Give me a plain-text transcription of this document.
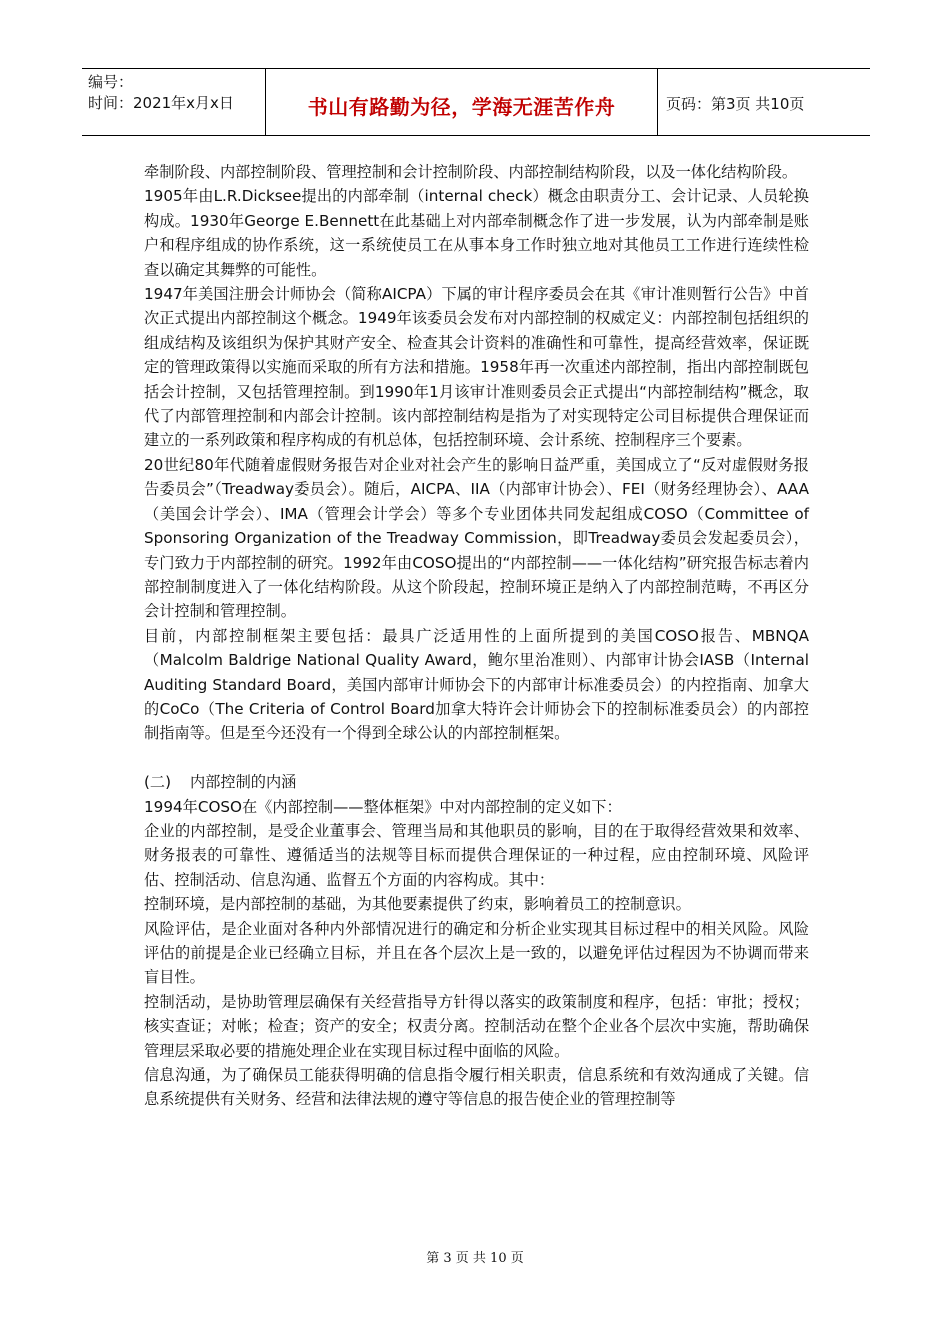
编号：
时间：2021年x月x日	书山有路勤为径，学海无涯苦作舟	页码：第3页 共10页

牵制阶段、内部控制阶段、管理控制和会计控制阶段、内部控制结构阶段，以及一体化结构阶段。

1905年由L.R.Dicksee提出的内部牵制（internal check）概念由职责分工、会计记录、人员轮换构成。1930年George E.Bennett在此基础上对内部牵制概念作了进一步发展，认为内部牵制是账户和程序组成的协作系统，这一系统使员工在从事本身工作时独立地对其他员工工作进行连续性检查以确定其舞弊的可能性。

1947年美国注册会计师协会（简称AICPA）下属的审计程序委员会在其《审计准则暂行公告》中首次正式提出内部控制这个概念。1949年该委员会发布对内部控制的权威定义：内部控制包括组织的组成结构及该组织为保护其财产安全、检查其会计资料的准确性和可靠性，提高经营效率，保证既定的管理政策得以实施而采取的所有方法和措施。1958年再一次重述内部控制，指出内部控制既包括会计控制，又包括管理控制。到1990年1月该审计准则委员会正式提出“内部控制结构”概念，取代了内部管理控制和内部会计控制。该内部控制结构是指为了对实现特定公司目标提供合理保证而建立的一系列政策和程序构成的有机总体，包括控制环境、会计系统、控制程序三个要素。

20世纪80年代随着虚假财务报告对企业对社会产生的影响日益严重，美国成立了“反对虚假财务报告委员会”（Treadway委员会）。随后，AICPA、IIA（内部审计协会）、FEI（财务经理协会）、AAA（美国会计学会）、IMA（管理会计学会）等多个专业团体共同发起组成COSO（Committee of Sponsoring Organization of the Treadway Commission，即Treadway委员会发起委员会），专门致力于内部控制的研究。1992年由COSO提出的“内部控制——一体化结构”研究报告标志着内部控制制度进入了一体化结构阶段。从这个阶段起，控制环境正是纳入了内部控制范畴，不再区分会计控制和管理控制。

目前，内部控制框架主要包括：最具广泛适用性的上面所提到的美国COSO报告、MBNQA（Malcolm Baldrige National Quality Award，鲍尔里治准则）、内部审计协会IASB（Internal Auditing Standard Board，美国内部审计师协会下的内部审计标准委员会）的内控指南、加拿大的CoCo（The Criteria of Control Board加拿大特许会计师协会下的控制标准委员会）的内部控制指南等。但是至今还没有一个得到全球公认的内部控制框架。

(二)	内部控制的内涵

1994年COSO在《内部控制——整体框架》中对内部控制的定义如下：

企业的内部控制，是受企业董事会、管理当局和其他职员的影响，目的在于取得经营效果和效率、财务报表的可靠性、遵循适当的法规等目标而提供合理保证的一种过程，应由控制环境、风险评估、控制活动、信息沟通、监督五个方面的内容构成。其中：

控制环境，是内部控制的基础，为其他要素提供了约束，影响着员工的控制意识。

风险评估，是企业面对各种内外部情况进行的确定和分析企业实现其目标过程中的相关风险。风险评估的前提是企业已经确立目标，并且在各个层次上是一致的，以避免评估过程因为不协调而带来盲目性。

控制活动，是协助管理层确保有关经营指导方针得以落实的政策制度和程序，包括：审批；授权；核实查证；对帐；检查；资产的安全；权责分离。控制活动在整个企业各个层次中实施，帮助确保管理层采取必要的措施处理企业在实现目标过程中面临的风险。

信息沟通，为了确保员工能获得明确的信息指令履行相关职责，信息系统和有效沟通成了关键。信息系统提供有关财务、经营和法律法规的遵守等信息的报告使企业的管理控制等

第 3 页 共 10 页
